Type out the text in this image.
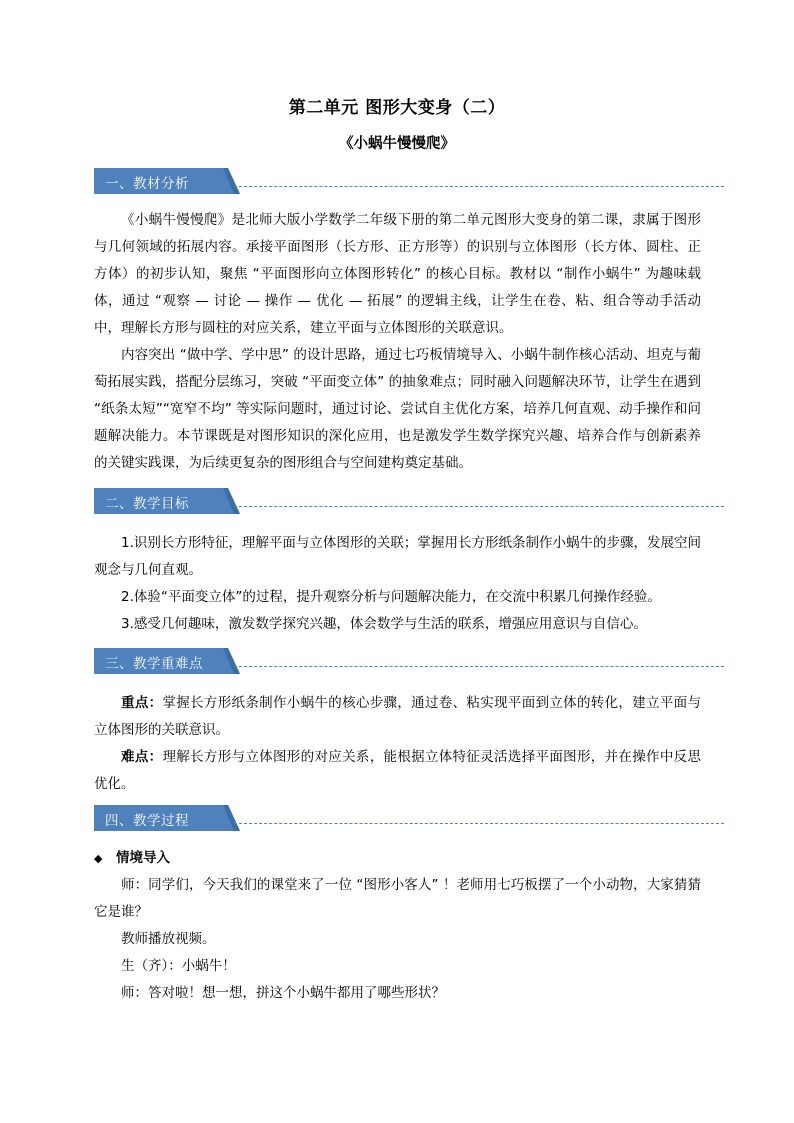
第二单元 图形大变身（二）
《小蜗牛慢慢爬》
一、教材分析

《小蜗牛慢慢爬》是北师大版小学数学二年级下册的第二单元图形大变身的第二课，隶属于图形与几何领域的拓展内容。承接平面图形（长方形、正方形等）的识别与立体图形（长方体、圆柱、正方体）的初步认知，聚焦 “平面图形向立体图形转化” 的核心目标。教材以 “制作小蜗牛” 为趣味载体，通过 “观察 — 讨论 — 操作 — 优化 — 拓展” 的逻辑主线，让学生在卷、粘、组合等动手活动中，理解长方形与圆柱的对应关系，建立平面与立体图形的关联意识。

内容突出 “做中学、学中思” 的设计思路，通过七巧板情境导入、小蜗牛制作核心活动、坦克与葡萄拓展实践，搭配分层练习，突破 “平面变立体” 的抽象难点；同时融入问题解决环节，让学生在遇到 “纸条太短”“宽窄不均” 等实际问题时，通过讨论、尝试自主优化方案，培养几何直观、动手操作和问题解决能力。本节课既是对图形知识的深化应用，也是激发学生数学探究兴趣、培养合作与创新素养的关键实践课，为后续更复杂的图形组合与空间建构奠定基础。

二、教学目标

1.识别长方形特征，理解平面与立体图形的关联；掌握用长方形纸条制作小蜗牛的步骤，发展空间观念与几何直观。

2.体验“平面变立体”的过程，提升观察分析与问题解决能力，在交流中积累几何操作经验。

3.感受几何趣味，激发数学探究兴趣，体会数学与生活的联系，增强应用意识与自信心。

三、教学重难点

重点：掌握长方形纸条制作小蜗牛的核心步骤，通过卷、粘实现平面到立体的转化，建立平面与立体图形的关联意识。

难点：理解长方形与立体图形的对应关系，能根据立体特征灵活选择平面图形，并在操作中反思优化。

四、教学过程

◆ 情境导入

师：同学们，今天我们的课堂来了一位 “图形小客人” ！老师用七巧板摆了一个小动物，大家猜猜它是谁？

教师播放视频。

生（齐）：小蜗牛！

师：答对啦！想一想，拼这个小蜗牛都用了哪些形状？
